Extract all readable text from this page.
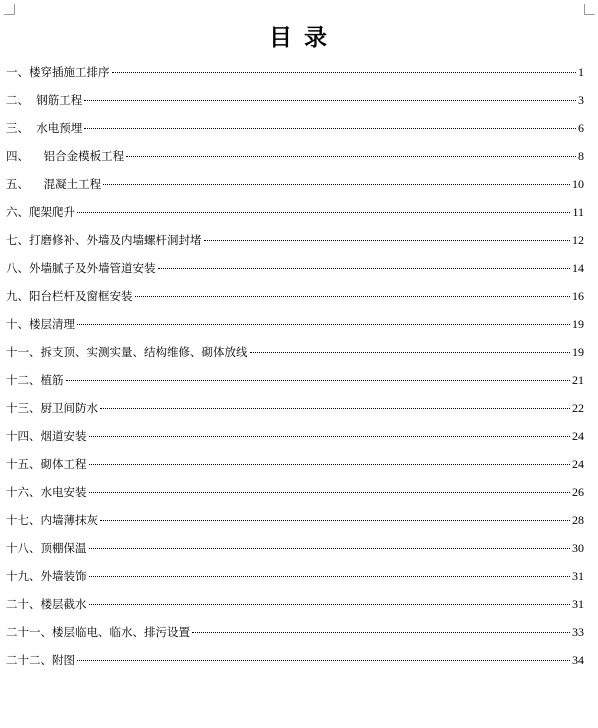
目 录
一、楼穿插施工排序	1
二、  钢筋工程	3
三、  水电预埋	6
四、    铝合金模板工程	8
五、    混凝土工程	10
六、爬架爬升	11
七、打磨修补、外墙及内墙螺杆洞封堵	12
八、外墙腻子及外墙管道安装	14
九、阳台栏杆及窗框安装	16
十、楼层清理	19
十一、拆支顶、实测实量、结构维修、砌体放线	19
十二、植筋	21
十三、厨卫间防水	22
十四、烟道安装	24
十五、砌体工程	24
十六、水电安装	26
十七、内墙薄抹灰	28
十八、顶棚保温	30
十九、外墙装饰	31
二十、楼层截水	31
二十一、楼层临电、临水、排污设置	33
二十二、附图	34
